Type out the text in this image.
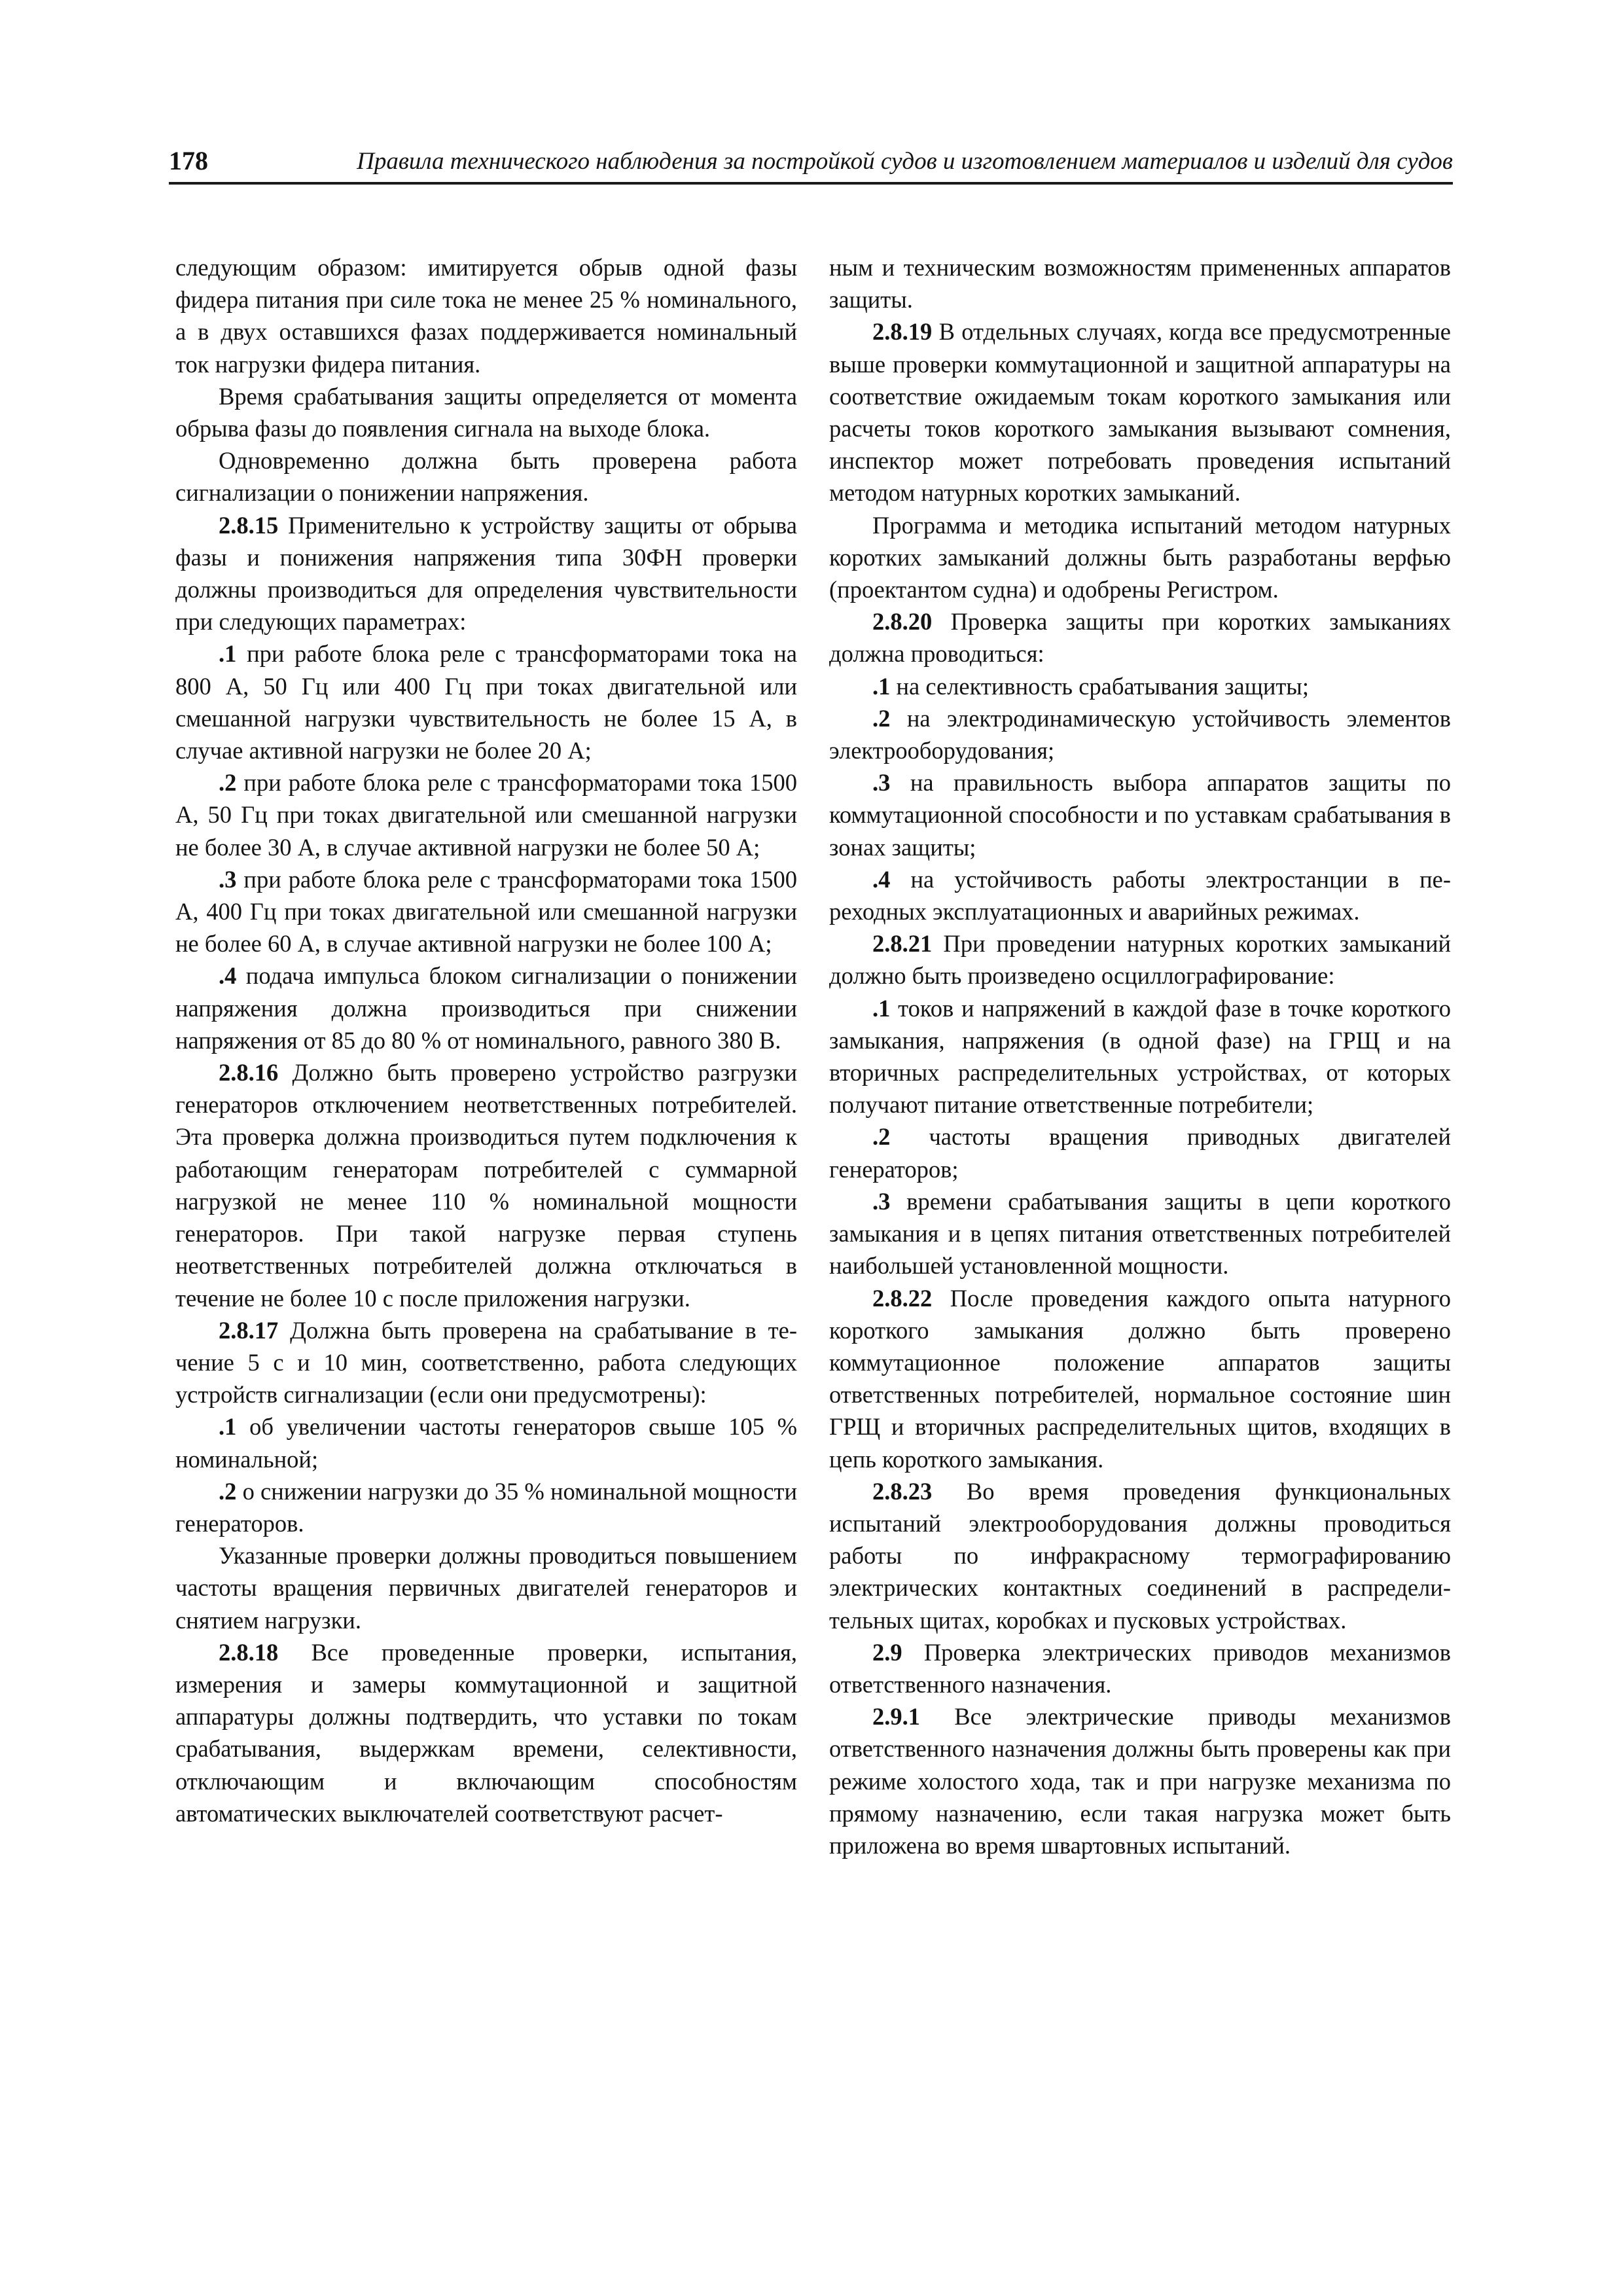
178	Правила технического наблюдения за постройкой судов и изготовлением материалов и изделий для судов

следующим образом: имитируется обрыв одной фазы фидера питания при силе тока не менее 25 % номинального, а в двух оставшихся фазах поддерживается номинальный ток нагрузки фидера питания.

Время срабатывания защиты определяется от момента обрыва фазы до появления сигнала на выходе блока.

Одновременно должна быть проверена работа сигнализации о понижении напряжения.

2.8.15 Применительно к устройству защиты от обрыва фазы и понижения напряжения типа 30ФН проверки должны производиться для определения чувствительности при следующих параметрах:

.1 при работе блока реле с трансформаторами тока на 800 А, 50 Гц или 400 Гц при токах двигательной или смешанной нагрузки чувствительность не более 15 А, в случае активной нагрузки не более 20 А;

.2 при работе блока реле с трансформаторами тока 1500 А, 50 Гц при токах двигательной или смешанной нагрузки не более 30 А, в случае активной нагрузки не более 50 А;

.3 при работе блока реле с трансформаторами тока 1500 А, 400 Гц при токах двигательной или смешанной нагрузки не более 60 А, в случае активной нагрузки не более 100 А;

.4 подача импульса блоком сигнализации о понижении напряжения должна производиться при снижении напряжения от 85 до 80 % от номинального, равного 380 В.

2.8.16 Должно быть проверено устройство разгрузки генераторов отключением неответственных потребителей. Эта проверка должна производиться путем подключения к работающим генераторам потребителей с суммарной нагрузкой не менее 110 % номинальной мощности генераторов. При такой нагрузке первая ступень неответственных потребителей должна отключаться в течение не более 10 с после приложения нагрузки.

2.8.17 Должна быть проверена на срабатывание в течение 5 с и 10 мин, соответственно, работа следующих устройств сигнализации (если они предусмотрены):

.1 об увеличении частоты генераторов свыше 105 % номинальной;

.2 о снижении нагрузки до 35 % номинальной мощности генераторов.

Указанные проверки должны проводиться повышением частоты вращения первичных двигателей генераторов и снятием нагрузки.

2.8.18 Все проведенные проверки, испытания, измерения и замеры коммутационной и защитной аппаратуры должны подтвердить, что уставки по токам срабатывания, выдержкам времени, селективности, отключающим и включающим способностям автоматических выключателей соответствуют расчет-

ным и техническим возможностям примененных аппаратов защиты.

2.8.19 В отдельных случаях, когда все предусмотренные выше проверки коммутационной и защитной аппаратуры на соответствие ожидаемым токам короткого замыкания или расчеты токов короткого замыкания вызывают сомнения, инспектор может потребовать проведения испытаний методом натурных коротких замыканий.

Программа и методика испытаний методом натурных коротких замыканий должны быть разработаны верфью (проектантом судна) и одобрены Регистром.

2.8.20 Проверка защиты при коротких замыканиях должна проводиться:

.1 на селективность срабатывания защиты;

.2 на электродинамическую устойчивость элементов электрооборудования;

.3 на правильность выбора аппаратов защиты по коммутационной способности и по уставкам срабатывания в зонах защиты;

.4 на устойчивость работы электростанции в переходных эксплуатационных и аварийных режимах.

2.8.21 При проведении натурных коротких замыканий должно быть произведено осциллографирование:

.1 токов и напряжений в каждой фазе в точке короткого замыкания, напряжения (в одной фазе) на ГРЩ и на вторичных распределительных устройствах, от которых получают питание ответственные потребители;

.2 частоты вращения приводных двигателей генераторов;

.3 времени срабатывания защиты в цепи короткого замыкания и в цепях питания ответственных потребителей наибольшей установленной мощности.

2.8.22 После проведения каждого опыта натурного короткого замыкания должно быть проверено коммутационное положение аппаратов защиты ответственных потребителей, нормальное состояние шин ГРЩ и вторичных распределительных щитов, входящих в цепь короткого замыкания.

2.8.23 Во время проведения функциональных испытаний электрооборудования должны проводиться работы по инфракрасному термографированию электрических контактных соединений в распределительных щитах, коробках и пусковых устройствах.

2.9 Проверка электрических приводов механизмов ответственного назначения.

2.9.1 Все электрические приводы механизмов ответственного назначения должны быть проверены как при режиме холостого хода, так и при нагрузке механизма по прямому назначению, если такая нагрузка может быть приложена во время швартовных испытаний.
